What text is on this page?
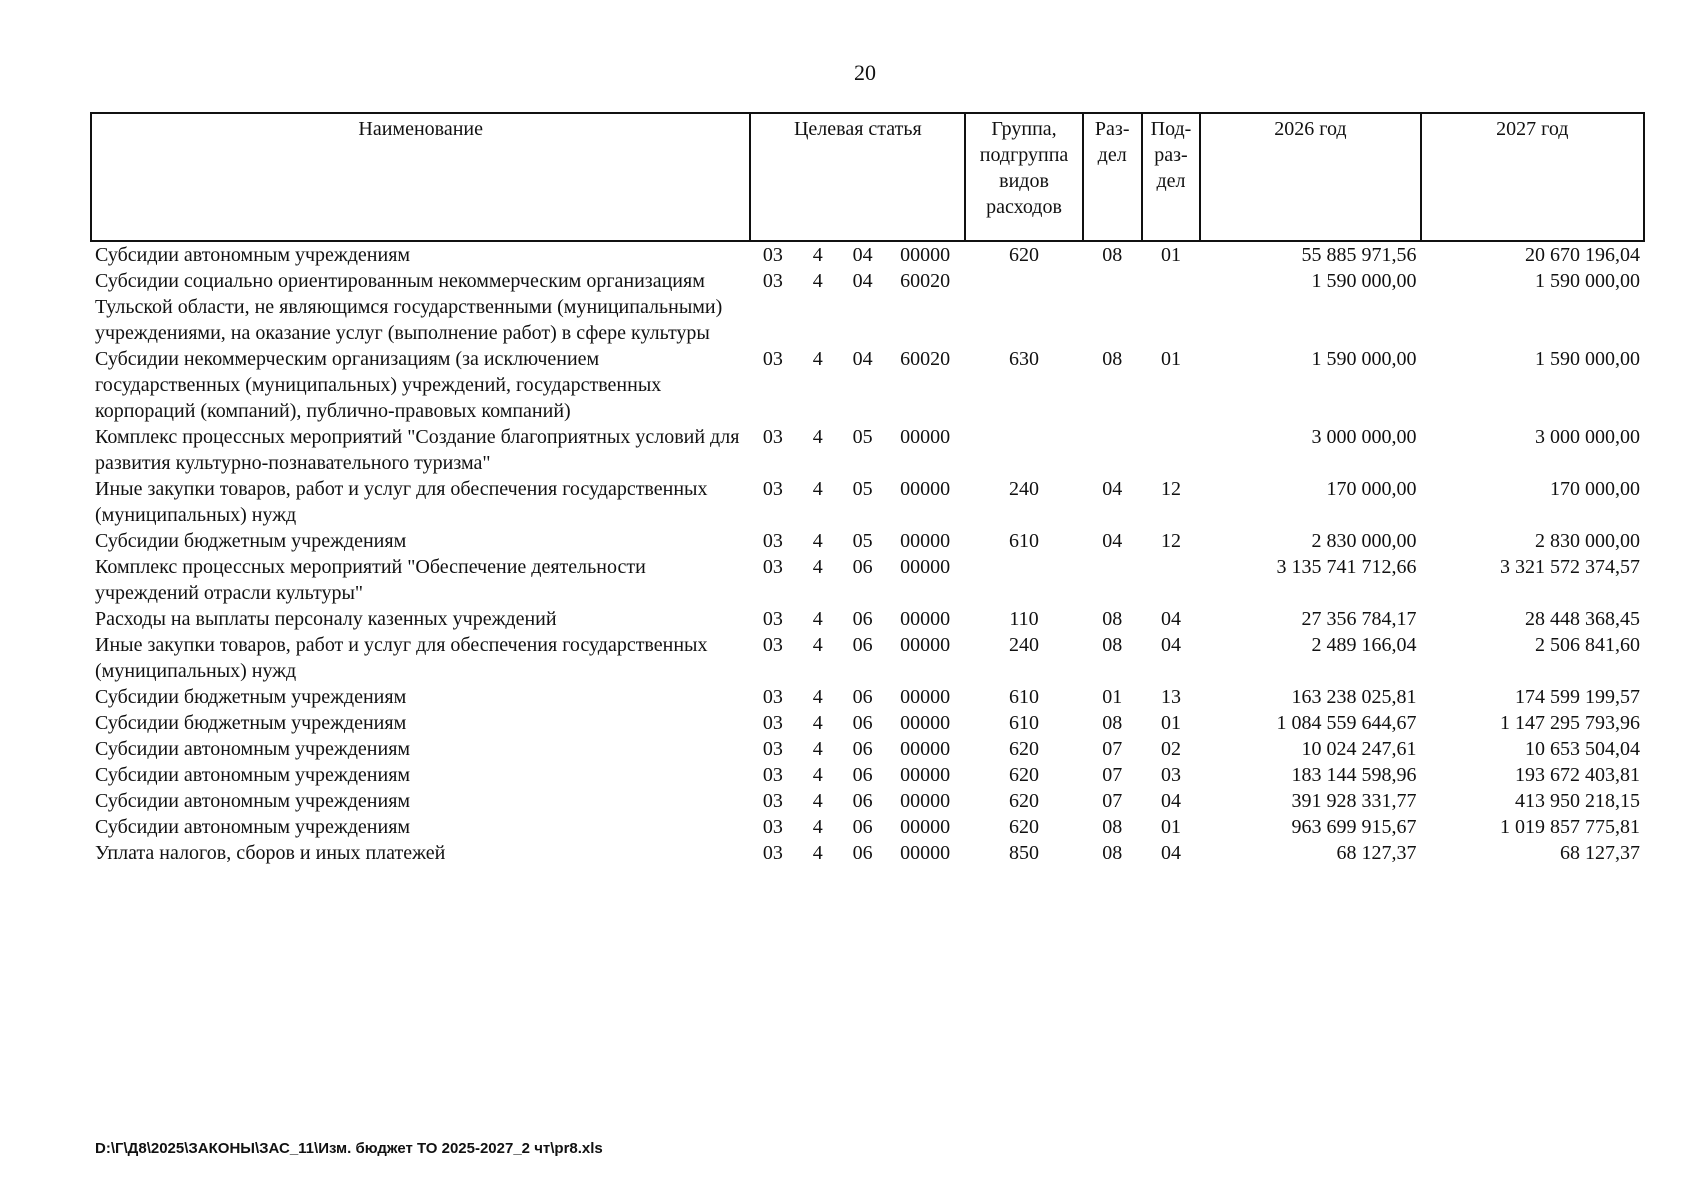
20
Наименование	Целевая статья				Группа, подгруппа видов расходов	Раз- дел	Под- раз- дел	2026 год	2027 год
Субсидии автономным учреждениям	03	4	04	00000	620	08	01	55 885 971,56	20 670 196,04
Субсидии социально ориентированным некоммерческим организациям Тульской области, не являющимся государственными (муниципальными) учреждениями, на оказание услуг (выполнение работ) в сфере культуры	03	4	04	60020				1 590 000,00	1 590 000,00
Субсидии некоммерческим организациям (за исключением государственных (муниципальных) учреждений, государственных корпораций (компаний), публично-правовых компаний)	03	4	04	60020	630	08	01	1 590 000,00	1 590 000,00
Комплекс процессных мероприятий "Создание благоприятных условий для развития культурно-познавательного туризма"	03	4	05	00000				3 000 000,00	3 000 000,00
Иные закупки товаров, работ и услуг для обеспечения государственных (муниципальных) нужд	03	4	05	00000	240	04	12	170 000,00	170 000,00
Субсидии бюджетным учреждениям	03	4	05	00000	610	04	12	2 830 000,00	2 830 000,00
Комплекс процессных мероприятий "Обеспечение деятельности учреждений отрасли культуры"	03	4	06	00000				3 135 741 712,66	3 321 572 374,57
Расходы на выплаты персоналу казенных учреждений	03	4	06	00000	110	08	04	27 356 784,17	28 448 368,45
Иные закупки товаров, работ и услуг для обеспечения государственных (муниципальных) нужд	03	4	06	00000	240	08	04	2 489 166,04	2 506 841,60
Субсидии бюджетным учреждениям	03	4	06	00000	610	01	13	163 238 025,81	174 599 199,57
Субсидии бюджетным учреждениям	03	4	06	00000	610	08	01	1 084 559 644,67	1 147 295 793,96
Субсидии автономным учреждениям	03	4	06	00000	620	07	02	10 024 247,61	10 653 504,04
Субсидии автономным учреждениям	03	4	06	00000	620	07	03	183 144 598,96	193 672 403,81
Субсидии автономным учреждениям	03	4	06	00000	620	07	04	391 928 331,77	413 950 218,15
Субсидии автономным учреждениям	03	4	06	00000	620	08	01	963 699 915,67	1 019 857 775,81
Уплата налогов, сборов и иных платежей	03	4	06	00000	850	08	04	68 127,37	68 127,37
D:\Г\Д8\2025\ЗАКОНЫ\ЗАС_11\Изм. бюджет ТО 2025-2027_2 чт\pr8.xls
